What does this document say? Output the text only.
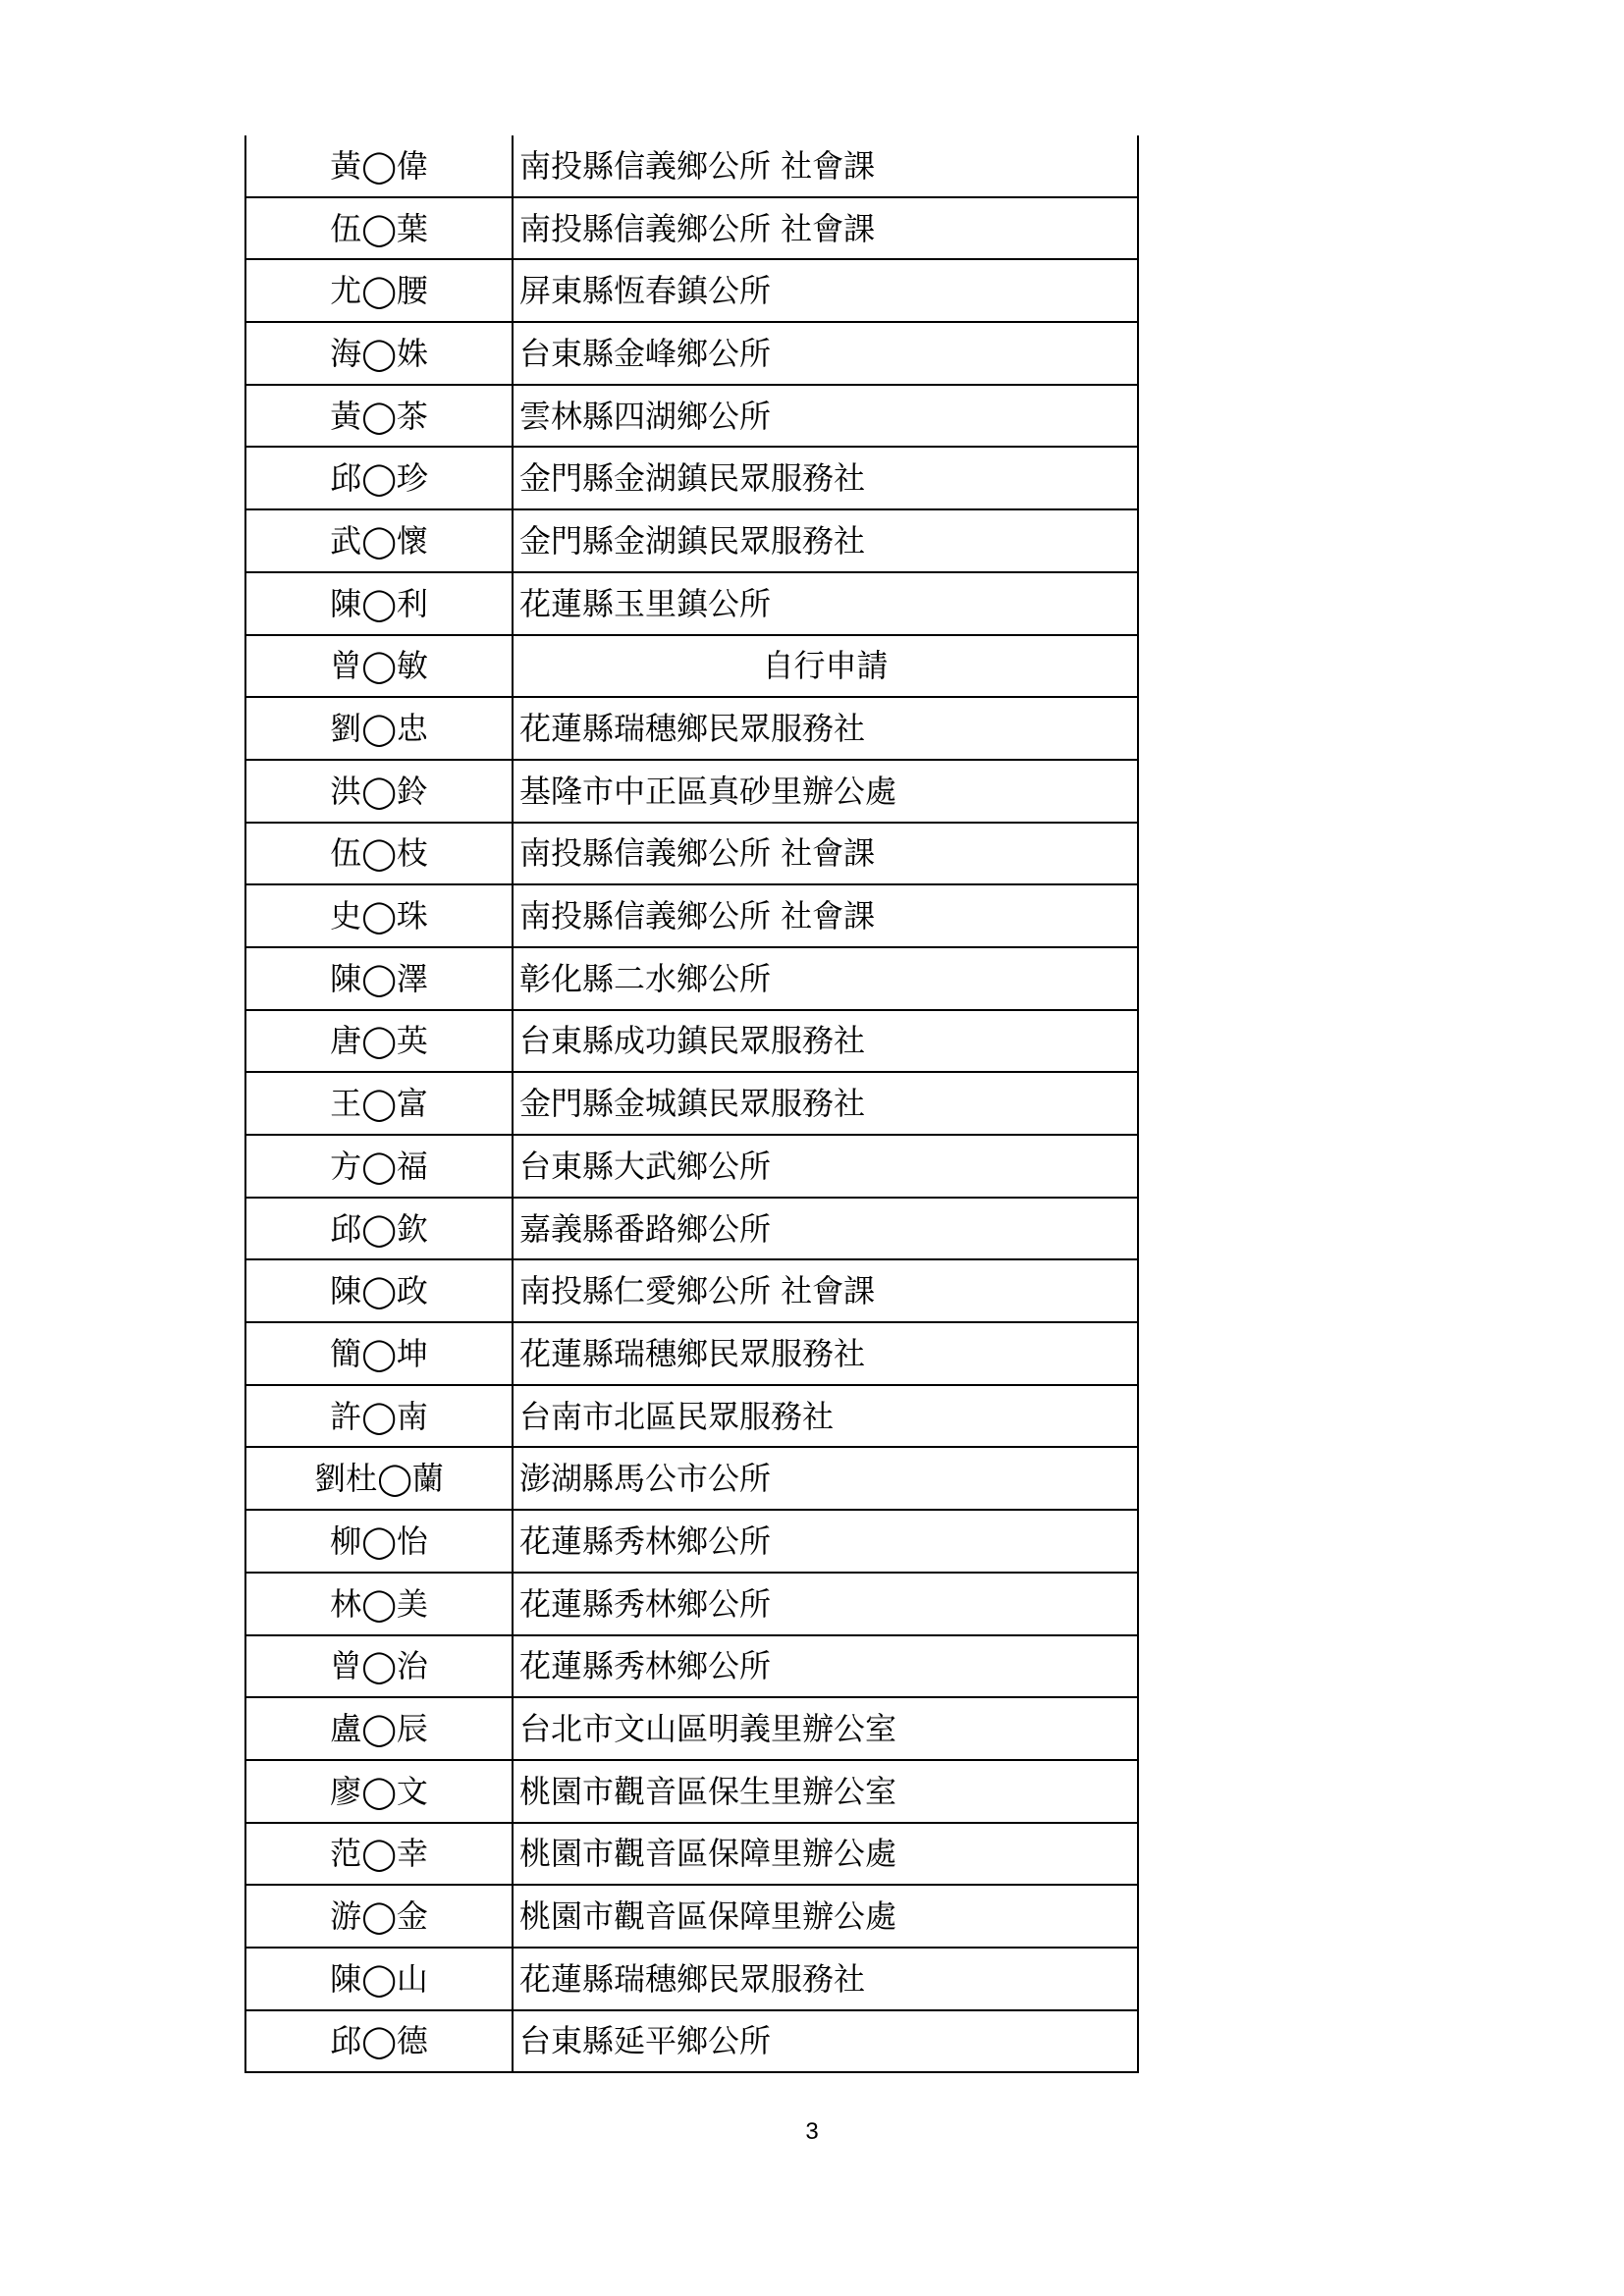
黃◯偉	南投縣信義鄉公所 社會課
伍◯葉	南投縣信義鄉公所 社會課
尤◯腰	屏東縣恆春鎮公所
海◯姝	台東縣金峰鄉公所
黃◯茶	雲林縣四湖鄉公所
邱◯珍	金門縣金湖鎮民眾服務社
武◯懷	金門縣金湖鎮民眾服務社
陳◯利	花蓮縣玉里鎮公所
曾◯敏	自行申請
劉◯忠	花蓮縣瑞穗鄉民眾服務社
洪◯鈴	基隆市中正區真砂里辦公處
伍◯枝	南投縣信義鄉公所 社會課
史◯珠	南投縣信義鄉公所 社會課
陳◯澤	彰化縣二水鄉公所
唐◯英	台東縣成功鎮民眾服務社
王◯富	金門縣金城鎮民眾服務社
方◯福	台東縣大武鄉公所
邱◯欽	嘉義縣番路鄉公所
陳◯政	南投縣仁愛鄉公所 社會課
簡◯坤	花蓮縣瑞穗鄉民眾服務社
許◯南	台南市北區民眾服務社
劉杜◯蘭	澎湖縣馬公市公所
柳◯怡	花蓮縣秀林鄉公所
林◯美	花蓮縣秀林鄉公所
曾◯治	花蓮縣秀林鄉公所
盧◯辰	台北市文山區明義里辦公室
廖◯文	桃園市觀音區保生里辦公室
范◯幸	桃園市觀音區保障里辦公處
游◯金	桃園市觀音區保障里辦公處
陳◯山	花蓮縣瑞穗鄉民眾服務社
邱◯德	台東縣延平鄉公所
3
